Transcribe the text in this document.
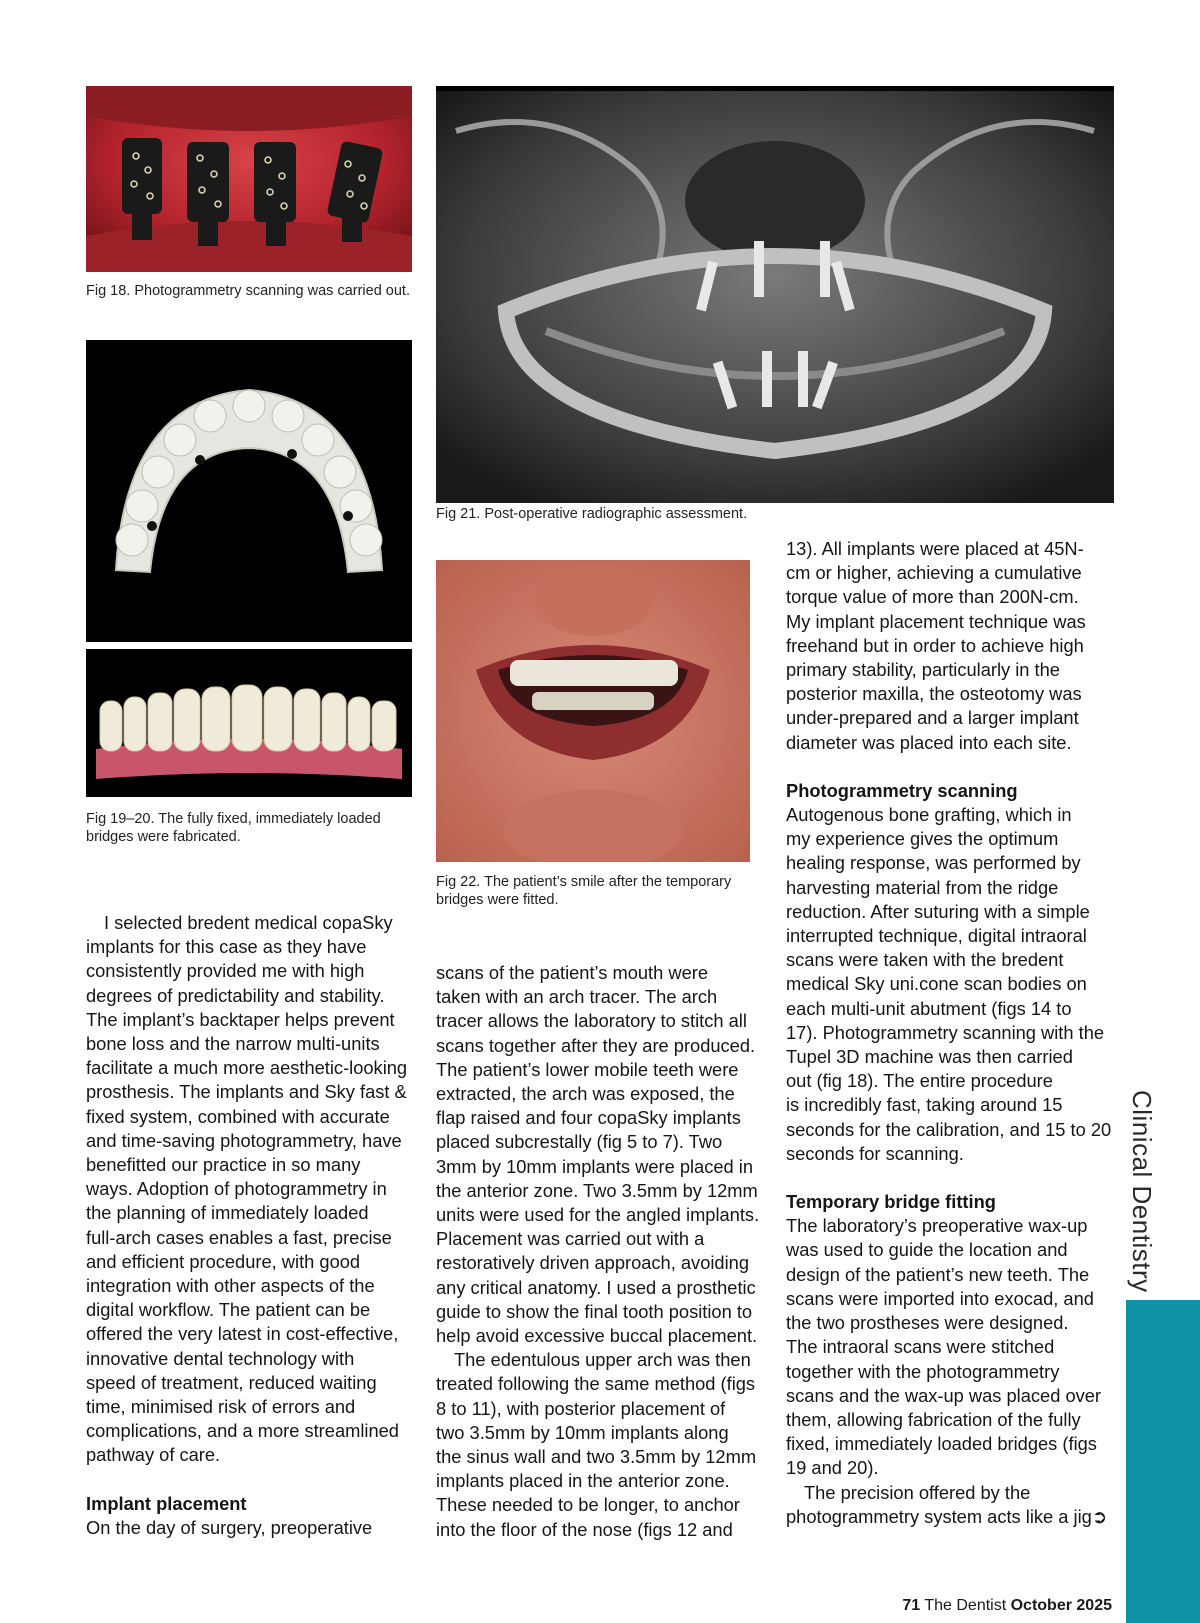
Fig 18. Photogrammetry scanning was carried out.
Fig 19–20. The fully fixed, immediately loaded bridges were fabricated.
Fig 21. Post-operative radiographic assessment.
Fig 22. The patient’s smile after the temporary bridges were fitted.
I selected bredent medical copaSky
implants for this case as they have
consistently provided me with high
degrees of predictability and stability.
The implant’s backtaper helps prevent
bone loss and the narrow multi-units
facilitate a much more aesthetic-looking
prosthesis. The implants and Sky fast &
fixed system, combined with accurate
and time-saving photogrammetry, have
benefitted our practice in so many
ways. Adoption of photogrammetry in
the planning of immediately loaded
full-arch cases enables a fast, precise
and efficient procedure, with good
integration with other aspects of the
digital workflow. The patient can be
offered the very latest in cost-effective,
innovative dental technology with
speed of treatment, reduced waiting
time, minimised risk of errors and
complications, and a more streamlined
pathway of care.
Implant placement
On the day of surgery, preoperative
scans of the patient’s mouth were
taken with an arch tracer. The arch
tracer allows the laboratory to stitch all
scans together after they are produced.
The patient’s lower mobile teeth were
extracted, the arch was exposed, the
flap raised and four copaSky implants
placed subcrestally (fig 5 to 7). Two
3mm by 10mm implants were placed in
the anterior zone. Two 3.5mm by 12mm
units were used for the angled implants.
Placement was carried out with a
restoratively driven approach, avoiding
any critical anatomy. I used a prosthetic
guide to show the final tooth position to
help avoid excessive buccal placement.
The edentulous upper arch was then
treated following the same method (figs
8 to 11), with posterior placement of
two 3.5mm by 10mm implants along
the sinus wall and two 3.5mm by 12mm
implants placed in the anterior zone.
These needed to be longer, to anchor
into the floor of the nose (figs 12 and
13). All implants were placed at 45N-
cm or higher, achieving a cumulative
torque value of more than 200N-cm.
My implant placement technique was
freehand but in order to achieve high
primary stability, particularly in the
posterior maxilla, the osteotomy was
under-prepared and a larger implant
diameter was placed into each site.
Photogrammetry scanning
Autogenous bone grafting, which in
my experience gives the optimum
healing response, was performed by
harvesting material from the ridge
reduction. After suturing with a simple
interrupted technique, digital intraoral
scans were taken with the bredent
medical Sky uni.cone scan bodies on
each multi-unit abutment (figs 14 to
17). Photogrammetry scanning with the
Tupel 3D machine was then carried
out (fig 18). The entire procedure
is incredibly fast, taking around 15
seconds for the calibration, and 15 to 20
seconds for scanning.
Temporary bridge fitting
The laboratory’s preoperative wax-up
was used to guide the location and
design of the patient’s new teeth. The
scans were imported into exocad, and
the two prostheses were designed.
The intraoral scans were stitched
together with the photogrammetry
scans and the wax-up was placed over
them, allowing fabrication of the fully
fixed, immediately loaded bridges (figs
19 and 20).
The precision offered by the
photogrammetry system acts like a jig➲
Clinical Dentistry
71 The Dentist October 2025
